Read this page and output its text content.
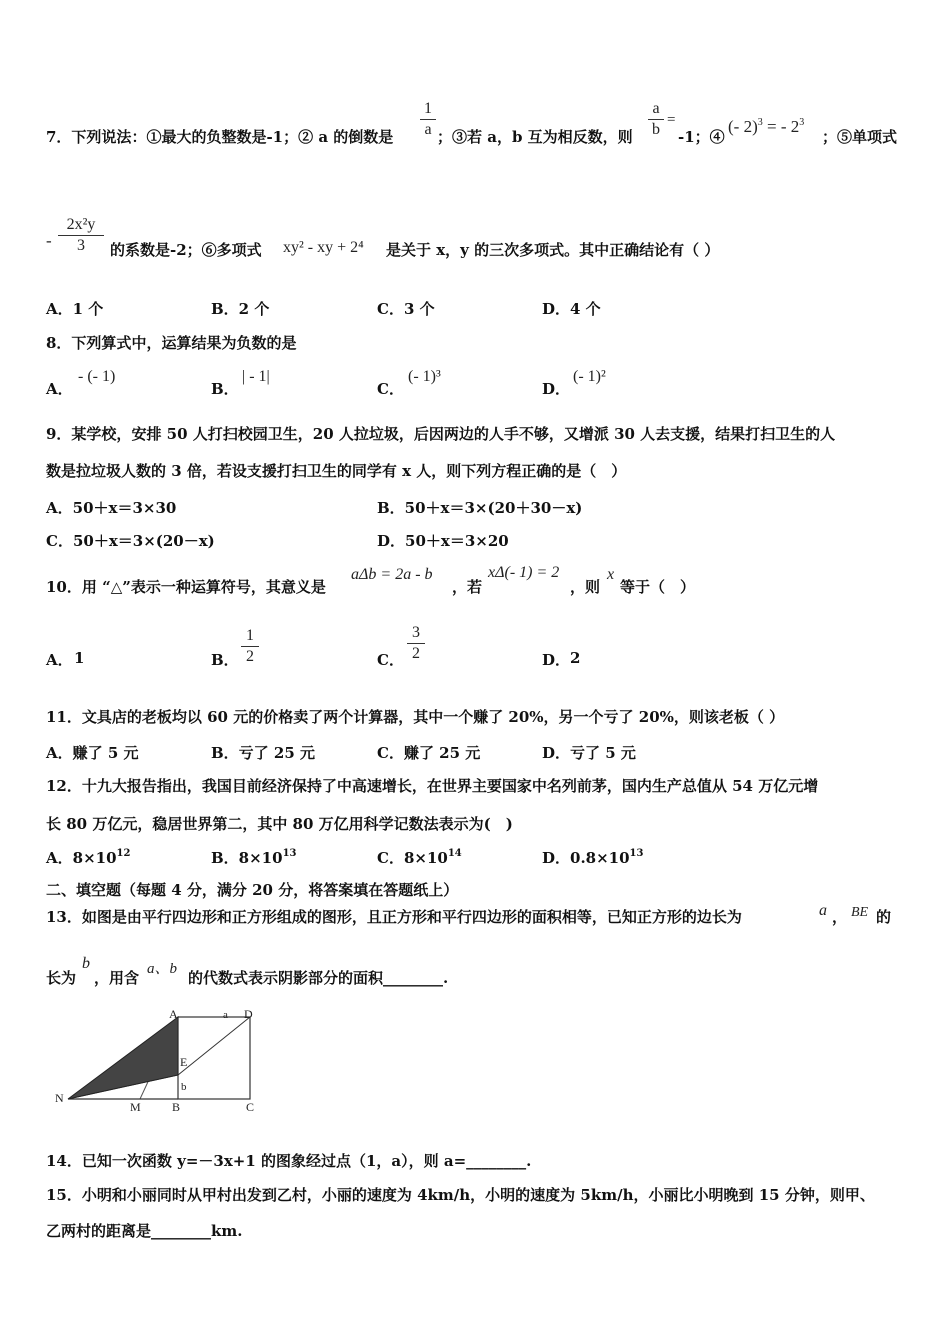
7．下列说法：①最大的负整数是-1；② a 的倒数是
1
a ；③若 a，b 互为相反数，则
a
b
=
-1；④
(- 2)$^3$ = - $2^3$
；⑤单项式
-
2x²y
3	的系数是-2；⑥多项式 xy² - xy + 2⁴ 是关于 x，y 的三次多项式。其中正确结论有（ ）
A．1 个	B．2 个	C．3 个	D．4 个
8．下列算式中，运算结果为负数的是
A．
- (- 1)
B．
| - 1|
C．
(- 1)³
D．
(- 1)²
9．某学校，安排 50 人打扫校园卫生，20 人拉垃圾，后因两边的人手不够，又增派 30 人去支援，结果打扫卫生的人
数是拉垃圾人数的 3 倍，若设支援打扫卫生的同学有 x 人，则下列方程正确的是（　）
A．50＋x＝3×30	B．50＋x＝3×(20＋30－x)
C．50＋x＝3×(20－x)	D．50＋x＝3×20
10．用 “△”表示一种运算符号，其意义是
aΔb = 2a - b
，若
xΔ(- 1) = 2
，则
x
等于（　）
A． 1	B．
1
2	C．
3
2	D． 2
11．文具店的老板均以 60 元的价格卖了两个计算器，其中一个赚了 20%，另一个亏了 20%，则该老板（ ）
A．赚了 5 元	B．亏了 25 元	C．赚了 25 元	D．亏了 5 元
12．十九大报告指出，我国目前经济保持了中高速增长，在世界主要国家中名列前茅，国内生产总值从 54 万亿元增
长 80 万亿元，稳居世界第二，其中 80 万亿用科学记数法表示为(　)
A．$8\times 10^{12}$	B．$8\times 10^{13}$	C．$8\times 10^{14}$	D．$0.8\times 10^{13}$
二、填空题（每题 4 分，满分 20 分，将答案填在答题纸上）
13．如图是由平行四边形和正方形组成的图形，且正方形和平行四边形的面积相等，已知正方形的边长为	a ， BE 的
长为
b
，用含 a、b 的代数式表示阴影部分的面积________.
A	a D
E
b
N
M	B	C
14．已知一次函数 y=－3x+1 的图象经过点（1，a），则 a=________.
15．小明和小丽同时从甲村出发到乙村，小丽的速度为 4km/h，小明的速度为 5km/h，小丽比小明晚到 15 分钟，则甲、
乙两村的距离是________km.
